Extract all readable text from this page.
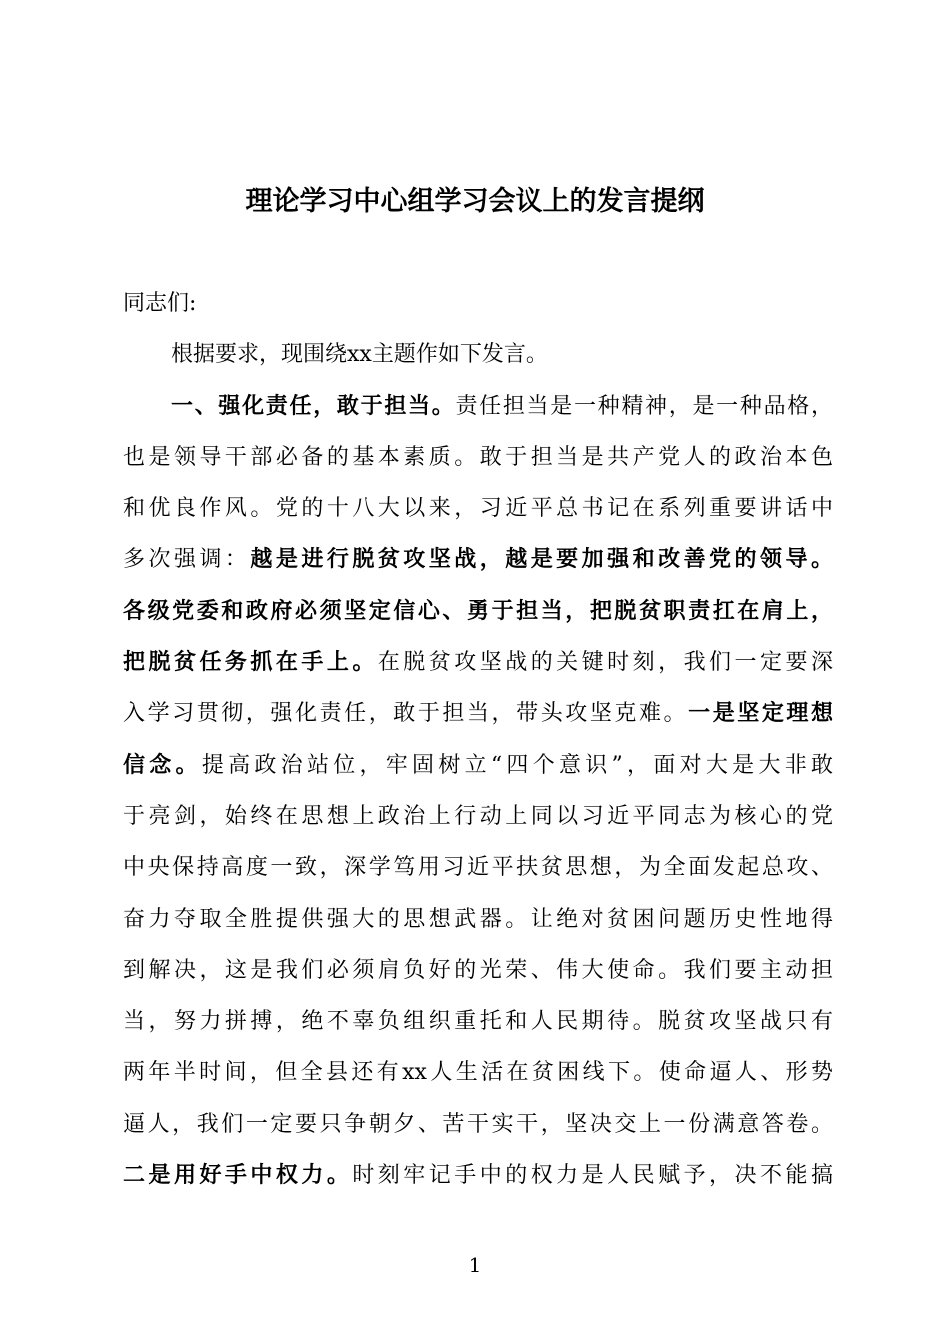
理论学习中心组学习会议上的发言提纲
同志们:
根据要求，现围绕xx主题作如下发言。
一、强化责任，敢于担当。责任担当是一种精神，是一种品格，
也是领导干部必备的基本素质。敢于担当是共产党人的政治本色
和优良作风。党的十八大以来，习近平总书记在系列重要讲话中
多次强调：越是进行脱贫攻坚战，越是要加强和改善党的领导。
各级党委和政府必须坚定信心、勇于担当，把脱贫职责扛在肩上，
把脱贫任务抓在手上。在脱贫攻坚战的关键时刻，我们一定要深
入学习贯彻，强化责任，敢于担当，带头攻坚克难。一是坚定理想
信念。提高政治站位，牢固树立“四个意识”，面对大是大非敢
于亮剑，始终在思想上政治上行动上同以习近平同志为核心的党
中央保持高度一致，深学笃用习近平扶贫思想，为全面发起总攻、
奋力夺取全胜提供强大的思想武器。让绝对贫困问题历史性地得
到解决，这是我们必须肩负好的光荣、伟大使命。我们要主动担
当，努力拼搏，绝不辜负组织重托和人民期待。脱贫攻坚战只有
两年半时间，但全县还有xx人生活在贫困线下。使命逼人、形势
逼人，我们一定要只争朝夕、苦干实干，坚决交上一份满意答卷。
二是用好手中权力。时刻牢记手中的权力是人民赋予，决不能搞
1
